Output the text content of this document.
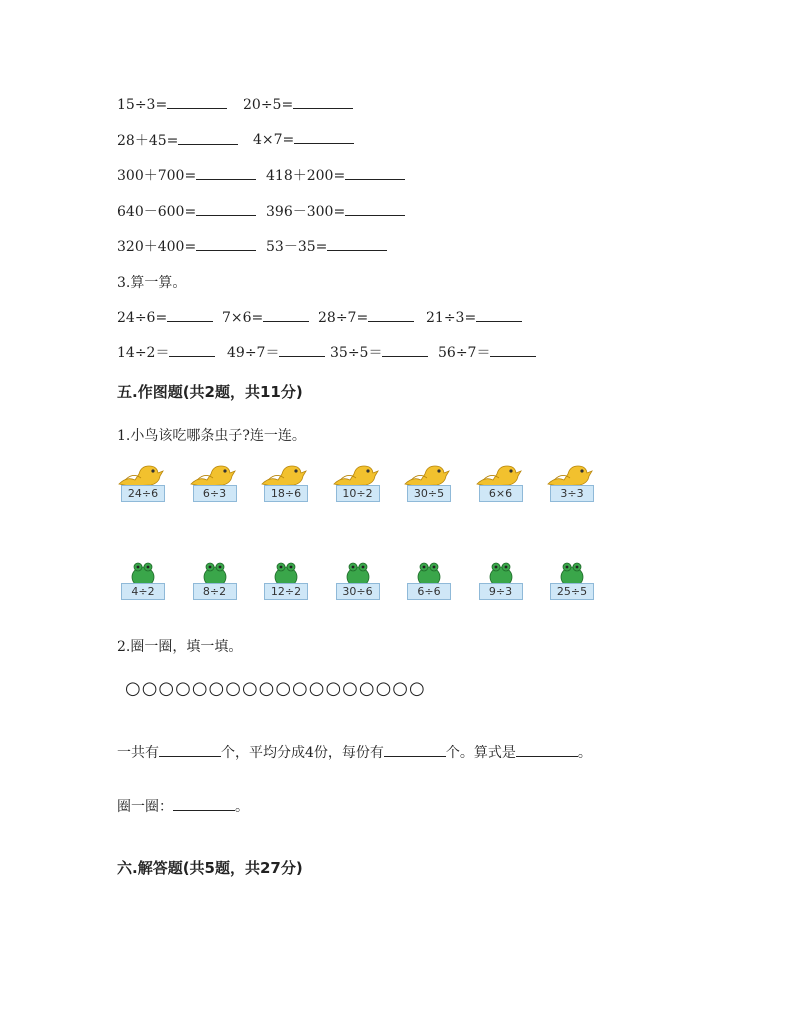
15÷3=	20÷5=
28＋45=	4×7=
300＋700=	418＋200=
640－600=	396－300=
320＋400=	53－35=
3.算一算。
24÷6=	7×6=	28÷7=	21÷3=
14÷2＝	49÷7＝	35÷5＝	56÷7＝
五.作图题(共2题，共11分)
1.小鸟该吃哪条虫子?连一连。
24÷6	6÷3	18÷6	10÷2	30÷5	6×6	3÷3
4÷2	8÷2	12÷2	30÷6	6÷6	9÷3	25÷5
2.圈一圈，填一填。
○○○○○○○○○○○○○○○○○○
一共有	个，平均分成4份，每份有	个。算式是	。
圈一圈：	。
六.解答题(共5题，共27分)
